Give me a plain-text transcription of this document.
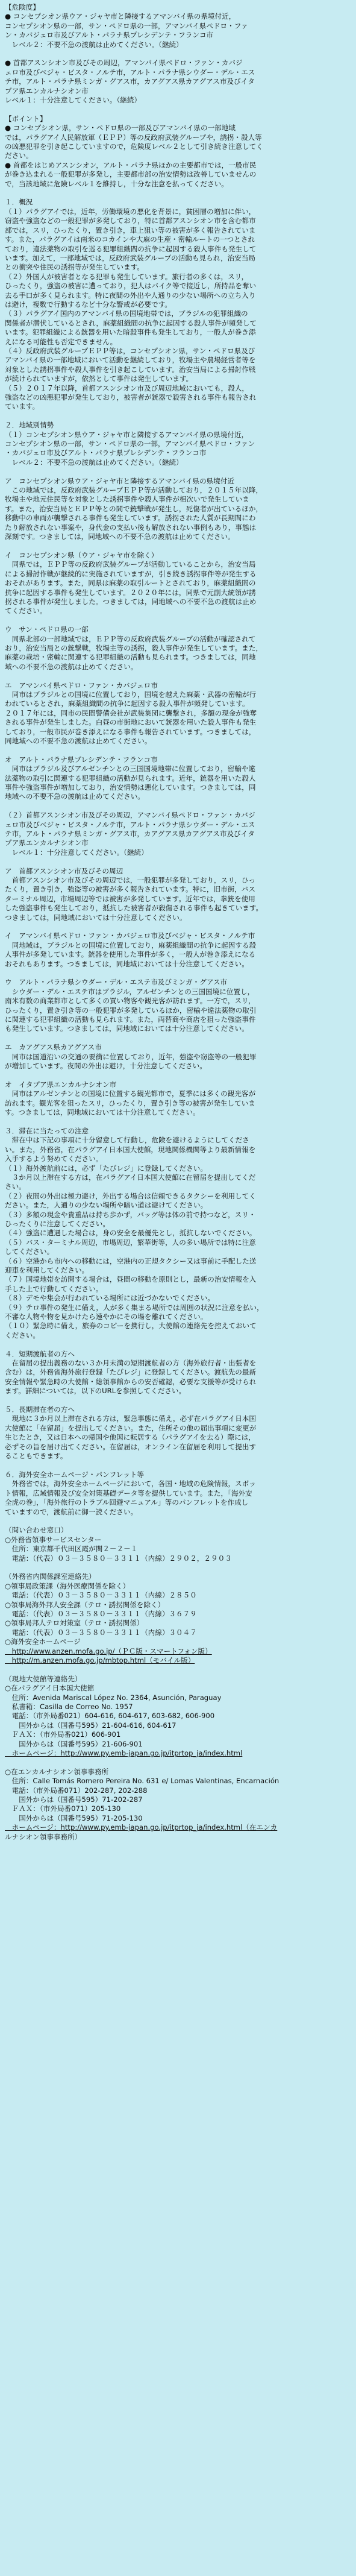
【危険度】
● コンセプシオン県ウア・ジャヤ市と隣接するアマンバイ県の県境付近，
コンセプシオン県の一部，サン・ペドロ県の一部，アマンバイ県ペドロ・ファ
ン・カバジェロ市及びアルト・パラナ県プレシデンテ・フランコ市
　レベル２：不要不急の渡航は止めてください。（継続）
● 首都アスンシオン市及びその周辺，アマンバイ県ペドロ・ファン・カバジ
ェロ市及びベジャ・ビスタ・ノルテ市，アルト・パラナ県シウダー・デル・エス
テ市，アルト・パラナ県ミンガ・グアス市，カアグアス県カアグアス市及びイタ
プア県エンカルナシオン市
レベル１：十分注意してください。（継続）
【ポイント】
● コンセプシオン県，サン・ペドロ県の一部及びアマンバイ県の一部地域
では，パラグアイ人民解放軍（ＥＰＰ）等の反政府武装グループや，誘拐・殺人等
の凶悪犯罪を引き起こしていますので，危険度レベル２として引き続き注意してく
ださい。
● 首都をはじめアスンシオン，アルト・パラナ県ほかの主要都市では，一般市民
が巻き込まれる一般犯罪が多発し，主要都市部の治安情勢は改善していませんの
で，当該地域に危険レベル１を維持し，十分な注意を払ってください。
１．概況
（１）パラグアイでは，近年，労働環境の悪化を背景に，貧困層の増加に伴い，
窃盗や強盗などの一般犯罪が多発しており，特に首都アスンシオン市を含む都市
部では，スリ，ひったくり，置き引き，車上狙い等の被害が多く報告されていま
す。また，パラグアイは南米のコカインや大麻の生産・密輸ルートの一つとされ
ており，違法薬物の取引を巡る犯罪組織間の抗争に起因する殺人事件も発生して
います。加えて，一部地域では，反政府武装グループの活動も見られ，治安当局
との衝突や住民の誘拐等が発生しています。
（２）外国人が被害者となる犯罪も発生しています。旅行者の多くは，スリ，
ひったくり，強盗の被害に遭っており，犯人はバイク等で接近し，所持品を奪い
去る手口が多く見られます。特に夜間の外出や人通りの少ない場所への立ち入り
は避け，複数で行動するなど十分な警戒が必要です。
（３）パラグアイ国内のアマンバイ県の国境地帯では，ブラジルの犯罪組織の
関係者が潜伏しているとされ，麻薬組織間の抗争に起因する殺人事件が頻発して
います。犯罪組織による銃器を用いた暗殺事件も発生しており，一般人が巻き添
えになる可能性も否定できません。
（４）反政府武装グループＥＰＰ等は，コンセプシオン県，サン・ペドロ県及び
アマンバイ県の一部地域において活動を継続しており，牧場主や農場経営者等を
対象とした誘拐事件や殺人事件を引き起こしています。治安当局による掃討作戦
が続けられていますが，依然として事件は発生しています。
（５）２０１７年以降，首都アスンシオン市及び周辺地域においても，殺人，
強盗などの凶悪犯罪が発生しており，被害者が銃器で殺害される事件も報告され
ています。
２．地域別情勢
（１）コンセプシオン県ウア・ジャヤ市と隣接するアマンバイ県の県境付近，
コンセプシオン県の一部，サン・ペドロ県の一部，アマンバイ県ペドロ・ファン
・カバジェロ市及びアルト・パラナ県プレシデンテ・フランコ市
　レベル２：不要不急の渡航は止めてください。（継続）
ア　コンセプシオン県ウア・ジャヤ市と隣接するアマンバイ県の県境付近
　この地域では，反政府武装グループＥＰＰ等が活動しており，２０１５年以降，
牧場主や地元住民等を対象とした誘拐事件や殺人事件が相次いで発生していま
す。また，治安当局とＥＰＰ等との間で銃撃戦が発生し，死傷者が出ているほか，
移動中の車両が襲撃される事件も発生しています。誘拐された人質が長期間にわ
たり解放されない事案や，身代金の支払い後も解放されない事例もあり，事態は
深刻です。つきましては，同地域への不要不急の渡航は止めてください。
イ　コンセプシオン県（ウア・ジャヤ市を除く）
　同県では，ＥＰＰ等の反政府武装グループが活動していることから，治安当局
による掃討作戦が継続的に実施されていますが，引き続き誘拐事件等が発生する
おそれがあります。また，同県は麻薬の取引ルートとされており，麻薬組織間の
抗争に起因する事件も発生しています。２０２０年には，同県で元副大統領が誘
拐される事件が発生しました。つきましては，同地域への不要不急の渡航は止め
てください。
ウ　サン・ペドロ県の一部
　同県北部の一部地域では，ＥＰＰ等の反政府武装グループの活動が確認されて
おり，治安当局との銃撃戦，牧場主等の誘拐，殺人事件が発生しています。また，
麻薬の栽培・密輸に関連する犯罪組織の活動も見られます。つきましては，同地
域への不要不急の渡航は止めてください。
エ　アマンバイ県ペドロ・ファン・カバジェロ市
　同市はブラジルとの国境に位置しており，国境を越えた麻薬・武器の密輸が行
われているとされ，麻薬組織間の抗争に起因する殺人事件が頻発しています。
２０１７年には，同市の民間警備会社が武装集団に襲撃され，多額の現金が強奪
される事件が発生しました。白昼の市街地において銃器を用いた殺人事件も発生
しており，一般市民が巻き添えになる事件も報告されています。つきましては，
同地域への不要不急の渡航は止めてください。
オ　アルト・パラナ県プレシデンテ・フランコ市
　同市はブラジル及びアルゼンチンとの三国国境地帯に位置しており，密輸や違
法薬物の取引に関連する犯罪組織の活動が見られます。近年，銃器を用いた殺人
事件や強盗事件が増加しており，治安情勢は悪化しています。つきましては，同
地域への不要不急の渡航は止めてください。
（２）首都アスンシオン市及びその周辺，アマンバイ県ペドロ・ファン・カバジ
ェロ市及びベジャ・ビスタ・ノルテ市，アルト・パラナ県シウダー・デル・エス
テ市，アルト・パラナ県ミンガ・グアス市，カアグアス県カアグアス市及びイタ
プア県エンカルナシオン市
　レベル１：十分注意してください。（継続）
ア　首都アスンシオン市及びその周辺
　首都アスンシオン市及びその周辺では，一般犯罪が多発しており，スリ，ひっ
たくり，置き引き，強盗等の被害が多く報告されています。特に，旧市街，バス
ターミナル周辺，市場周辺等では被害が多発しています。近年では，拳銃を使用
した強盗事件も発生しており，抵抗した被害者が殺傷される事件も起きています。
つきましては，同地域においては十分注意してください。
イ　アマンバイ県ペドロ・ファン・カバジェロ市及びベジャ・ビスタ・ノルテ市
　同地域は，ブラジルとの国境に位置しており，麻薬組織間の抗争に起因する殺
人事件が多発しています。銃器を使用した事件が多く，一般人が巻き添えになる
おそれもあります。つきましては，同地域においては十分注意してください。
ウ　アルト・パラナ県シウダー・デル・エステ市及びミンガ・グアス市
　シウダー・デル・エステ市はブラジル，アルゼンチンとの三国国境に位置し，
南米有数の商業都市として多くの買い物客や観光客が訪れます。一方で，スリ，
ひったくり，置き引き等の一般犯罪が多発しているほか，密輸や違法薬物の取引
に関連する犯罪組織の活動も見られます。また，両替商や商店を狙った強盗事件
も発生しています。つきましては，同地域においては十分注意してください。
エ　カアグアス県カアグアス市
　同市は国道沿いの交通の要衝に位置しており，近年，強盗や窃盗等の一般犯罪
が増加しています。夜間の外出は避け，十分注意してください。
オ　イタプア県エンカルナシオン市
　同市はアルゼンチンとの国境に位置する観光都市で，夏季には多くの観光客が
訪れます。観光客を狙ったスリ，ひったくり，置き引き等の被害が発生していま
す。つきましては，同地域においては十分注意してください。
３．滞在に当たっての注意
　滞在中は下記の事項に十分留意して行動し，危険を避けるようにしてくださ
い。また，外務省，在パラグアイ日本国大使館，現地関係機関等より最新情報を
入手するよう努めてください。
（１）海外渡航前には，必ず「たびレジ」に登録してください。
　３か月以上滞在する方は，在パラグアイ日本国大使館に在留届を提出してくだ
さい。
（２）夜間の外出は極力避け，外出する場合は信頼できるタクシーを利用してく
ださい。また，人通りの少ない場所や暗い道は避けてください。
（３）多額の現金や貴重品は持ち歩かず，バッグ等は体の前で持つなど，スリ・
ひったくりに注意してください。
（４）強盗に遭遇した場合は，身の安全を最優先とし，抵抗しないでください。
（５）バス・ターミナル周辺，市場周辺，繁華街等，人の多い場所では特に注意
してください。
（６）空港から市内への移動には，空港内の正規タクシー又は事前に手配した送
迎車を利用してください。
（７）国境地帯を訪問する場合は，昼間の移動を原則とし，最新の治安情報を入
手した上で行動してください。
（８）デモや集会が行われている場所には近づかないでください。
（９）テロ事件の発生に備え，人が多く集まる場所では周囲の状況に注意を払い，
不審な人物や物を見かけたら速やかにその場を離れてください。
（１０）緊急時に備え，旅券のコピーを携行し，大使館の連絡先を控えておいて
ください。
４．短期渡航者の方へ
　在留届の提出義務のない３か月未満の短期渡航者の方（海外旅行者・出張者を
含む）は，外務省海外旅行登録「たびレジ」に登録してください。渡航先の最新
安全情報や緊急時の大使館・総領事館からの安否確認，必要な支援等が受けられ
ます。詳細については，以下のURLを参照してください。
５．長期滞在者の方へ
　現地に３か月以上滞在される方は，緊急事態に備え，必ず在パラグアイ日本国
大使館に「在留届」を提出してください。また，住所その他の届出事項に変更が
生じたとき，又は日本への帰国や他国に転居する（パラグアイを去る）際には，
必ずその旨を届け出てください。在留届は，オンライン在留届を利用して提出す
ることもできます。
６．海外安全ホームページ・パンフレット等
　外務省では，海外安全ホームページにおいて，各国・地域の危険情報，スポッ
ト情報，広域情報及び安全対策基礎データ等を提供しています。また，「海外安
全虎の巻」，「海外旅行のトラブル回避マニュアル」等のパンフレットを作成し
ていますので，渡航前に御一読ください。
（問い合わせ窓口）
○外務省領事サービスセンター
　住所：東京都千代田区霞が関２－２－１
　電話：（代表）０３－３５８０－３３１１（内線）２９０２，２９０３
（外務省内関係課室連絡先）
○領事局政策課（海外医療関係を除く）
　電話：（代表）０３－３５８０－３３１１（内線）２８５０
○領事局海外邦人安全課（テロ・誘拐関係を除く）
　電話：（代表）０３－３５８０－３３１１（内線）３６７９
○領事局邦人テロ対策室（テロ・誘拐関係）
　電話：（代表）０３－３５８０－３３１１（内線）３０４７
○海外安全ホームページ
　http://www.anzen.mofa.go.jp/（ＰＣ版・スマートフォン版）
　http://m.anzen.mofa.go.jp/mbtop.html（モバイル版）
（現地大使館等連絡先）
○在パラグアイ日本国大使館
　住所：Avenida Mariscal López No. 2364, Asunción, Paraguay
　私書箱：Casilla de Correo No. 1957
　電話：（市外局番021）604-616, 604-617, 603-682, 606-900
　　国外からは（国番号595）21-604-616, 604-617
　ＦＡＸ：（市外局番021）606-901
　　国外からは（国番号595）21-606-901
　ホームページ：http://www.py.emb-japan.go.jp/itprtop_ja/index.html
○在エンカルナシオン領事事務所
　住所：Calle Tomás Romero Pereira No. 631 e/ Lomas Valentinas, Encarnación
　電話：（市外局番071）202-287, 202-288
　　国外からは（国番号595）71-202-287
　ＦＡＸ：（市外局番071）205-130
　　国外からは（国番号595）71-205-130
　ホームページ：http://www.py.emb-japan.go.jp/itprtop_ja/index.html（在エンカ
ルナシオン領事事務所）
